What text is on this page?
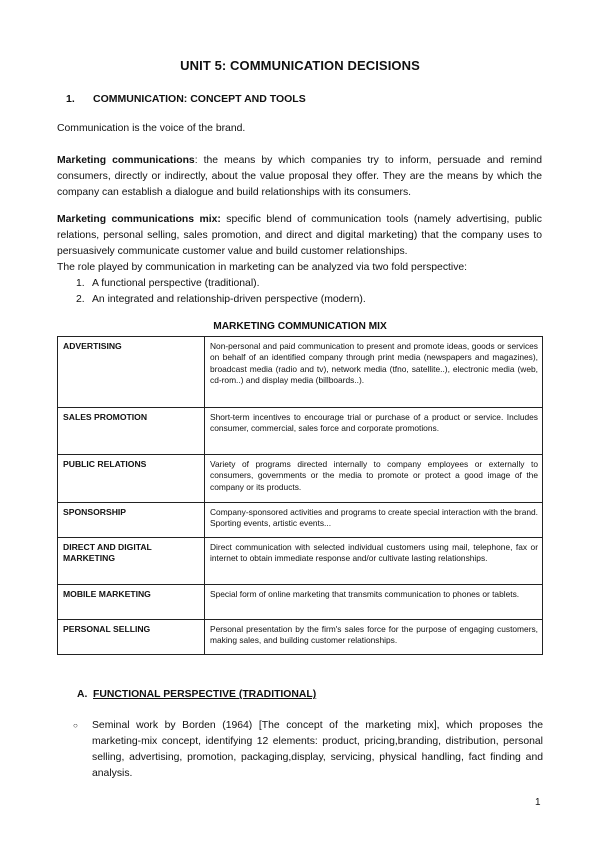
UNIT 5: COMMUNICATION DECISIONS
1. COMMUNICATION: CONCEPT AND TOOLS
Communication is the voice of the brand.
Marketing communications: the means by which companies try to inform, persuade and remind consumers, directly or indirectly, about the value proposal they offer. They are the means by which the company can establish a dialogue and build relationships with its consumers.
Marketing communications mix: specific blend of communication tools (namely advertising, public relations, personal selling, sales promotion, and direct and digital marketing) that the company uses to persuasively communicate customer value and build customer relationships.
The role played by communication in marketing can be analyzed via two fold perspective:
1. A functional perspective (traditional).
2. An integrated and relationship-driven perspective (modern).
MARKETING COMMUNICATION MIX
ADVERTISING	Non-personal and paid communication to present and promote ideas, goods or services on behalf of an identified company through print media (newspapers and magazines), broadcast media (radio and tv), network media (tfno, satellite..), electronic media (web, cd-rom..) and display media (billboards..).
SALES PROMOTION	Short-term incentives to encourage trial or purchase of a product or service. Includes consumer, commercial, sales force and corporate promotions.
PUBLIC RELATIONS	Variety of programs directed internally to company employees or externally to consumers, governments or the media to promote or protect a good image of the company or its products.
SPONSORSHIP	Company-sponsored activities and programs to create special interaction with the brand. Sporting events, artistic events...
DIRECT AND DIGITAL MARKETING	Direct communication with selected individual customers using mail, telephone, fax or internet to obtain immediate response and/or cultivate lasting relationships.
MOBILE MARKETING	Special form of online marketing that transmits communication to phones or tablets.
PERSONAL SELLING	Personal presentation by the firm's sales force for the purpose of engaging customers, making sales, and building customer relationships.
A. FUNCTIONAL PERSPECTIVE (TRADITIONAL)
○ Seminal work by Borden (1964) [The concept of the marketing mix], which proposes the marketing-mix concept, identifying 12 elements: product, pricing,branding, distribution, personal selling, advertising, promotion, packaging,display, servicing, physical handling, fact finding and analysis.
1
